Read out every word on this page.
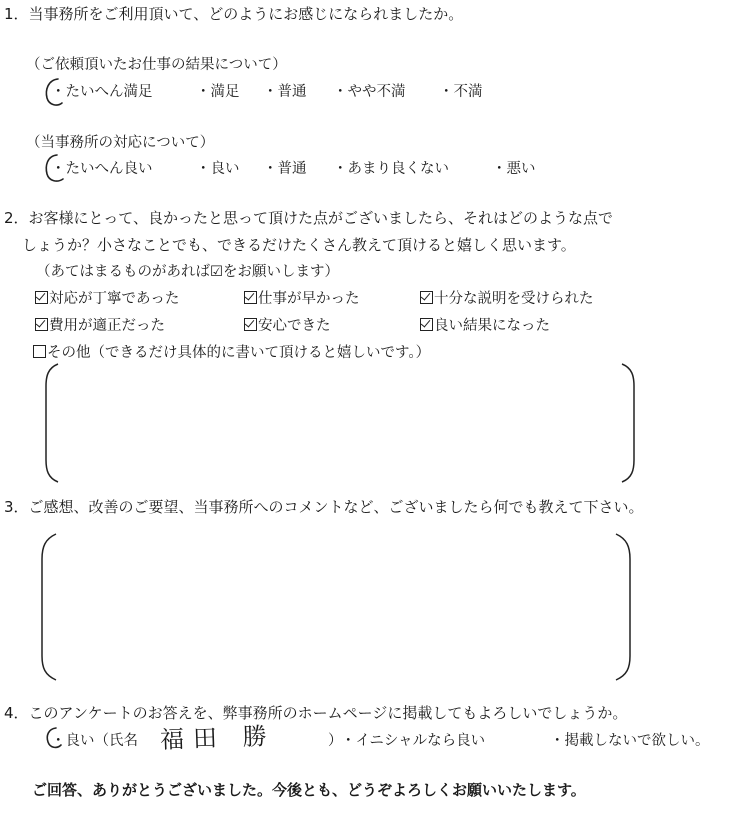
1．当事務所をご利用頂いて、どのようにお感じになられましたか。
（ご依頼頂いたお仕事の結果について）
・たいへん満足	・満足 ・普通 ・やや不満 ・不満
（当事務所の対応について）
・たいへん良い	・良い ・普通 ・あまり良くない	・悪い
2．お客様にとって、良かったと思って頂けた点がございましたら、それはどのような点で
しょうか？小さなことでも、できるだけたくさん教えて頂けると嬉しく思います。
（あてはまるものがあれば☑をお願いします）
対応が丁寧であった	仕事が早かった	十分な説明を受けられた
費用が適正だった	安心できた	良い結果になった
その他（できるだけ具体的に書いて頂けると嬉しいです。）
3．ご感想、改善のご要望、当事務所へのコメントなど、ございましたら何でも教えて下さい。
4．このアンケートのお答えを、弊事務所のホームページに掲載してもよろしいでしょうか。
・良い（氏名 福田 勝	）
・イニシャルなら良い	・掲載しないで欲しい。
ご回答、ありがとうございました。今後とも、どうぞよろしくお願いいたします。
